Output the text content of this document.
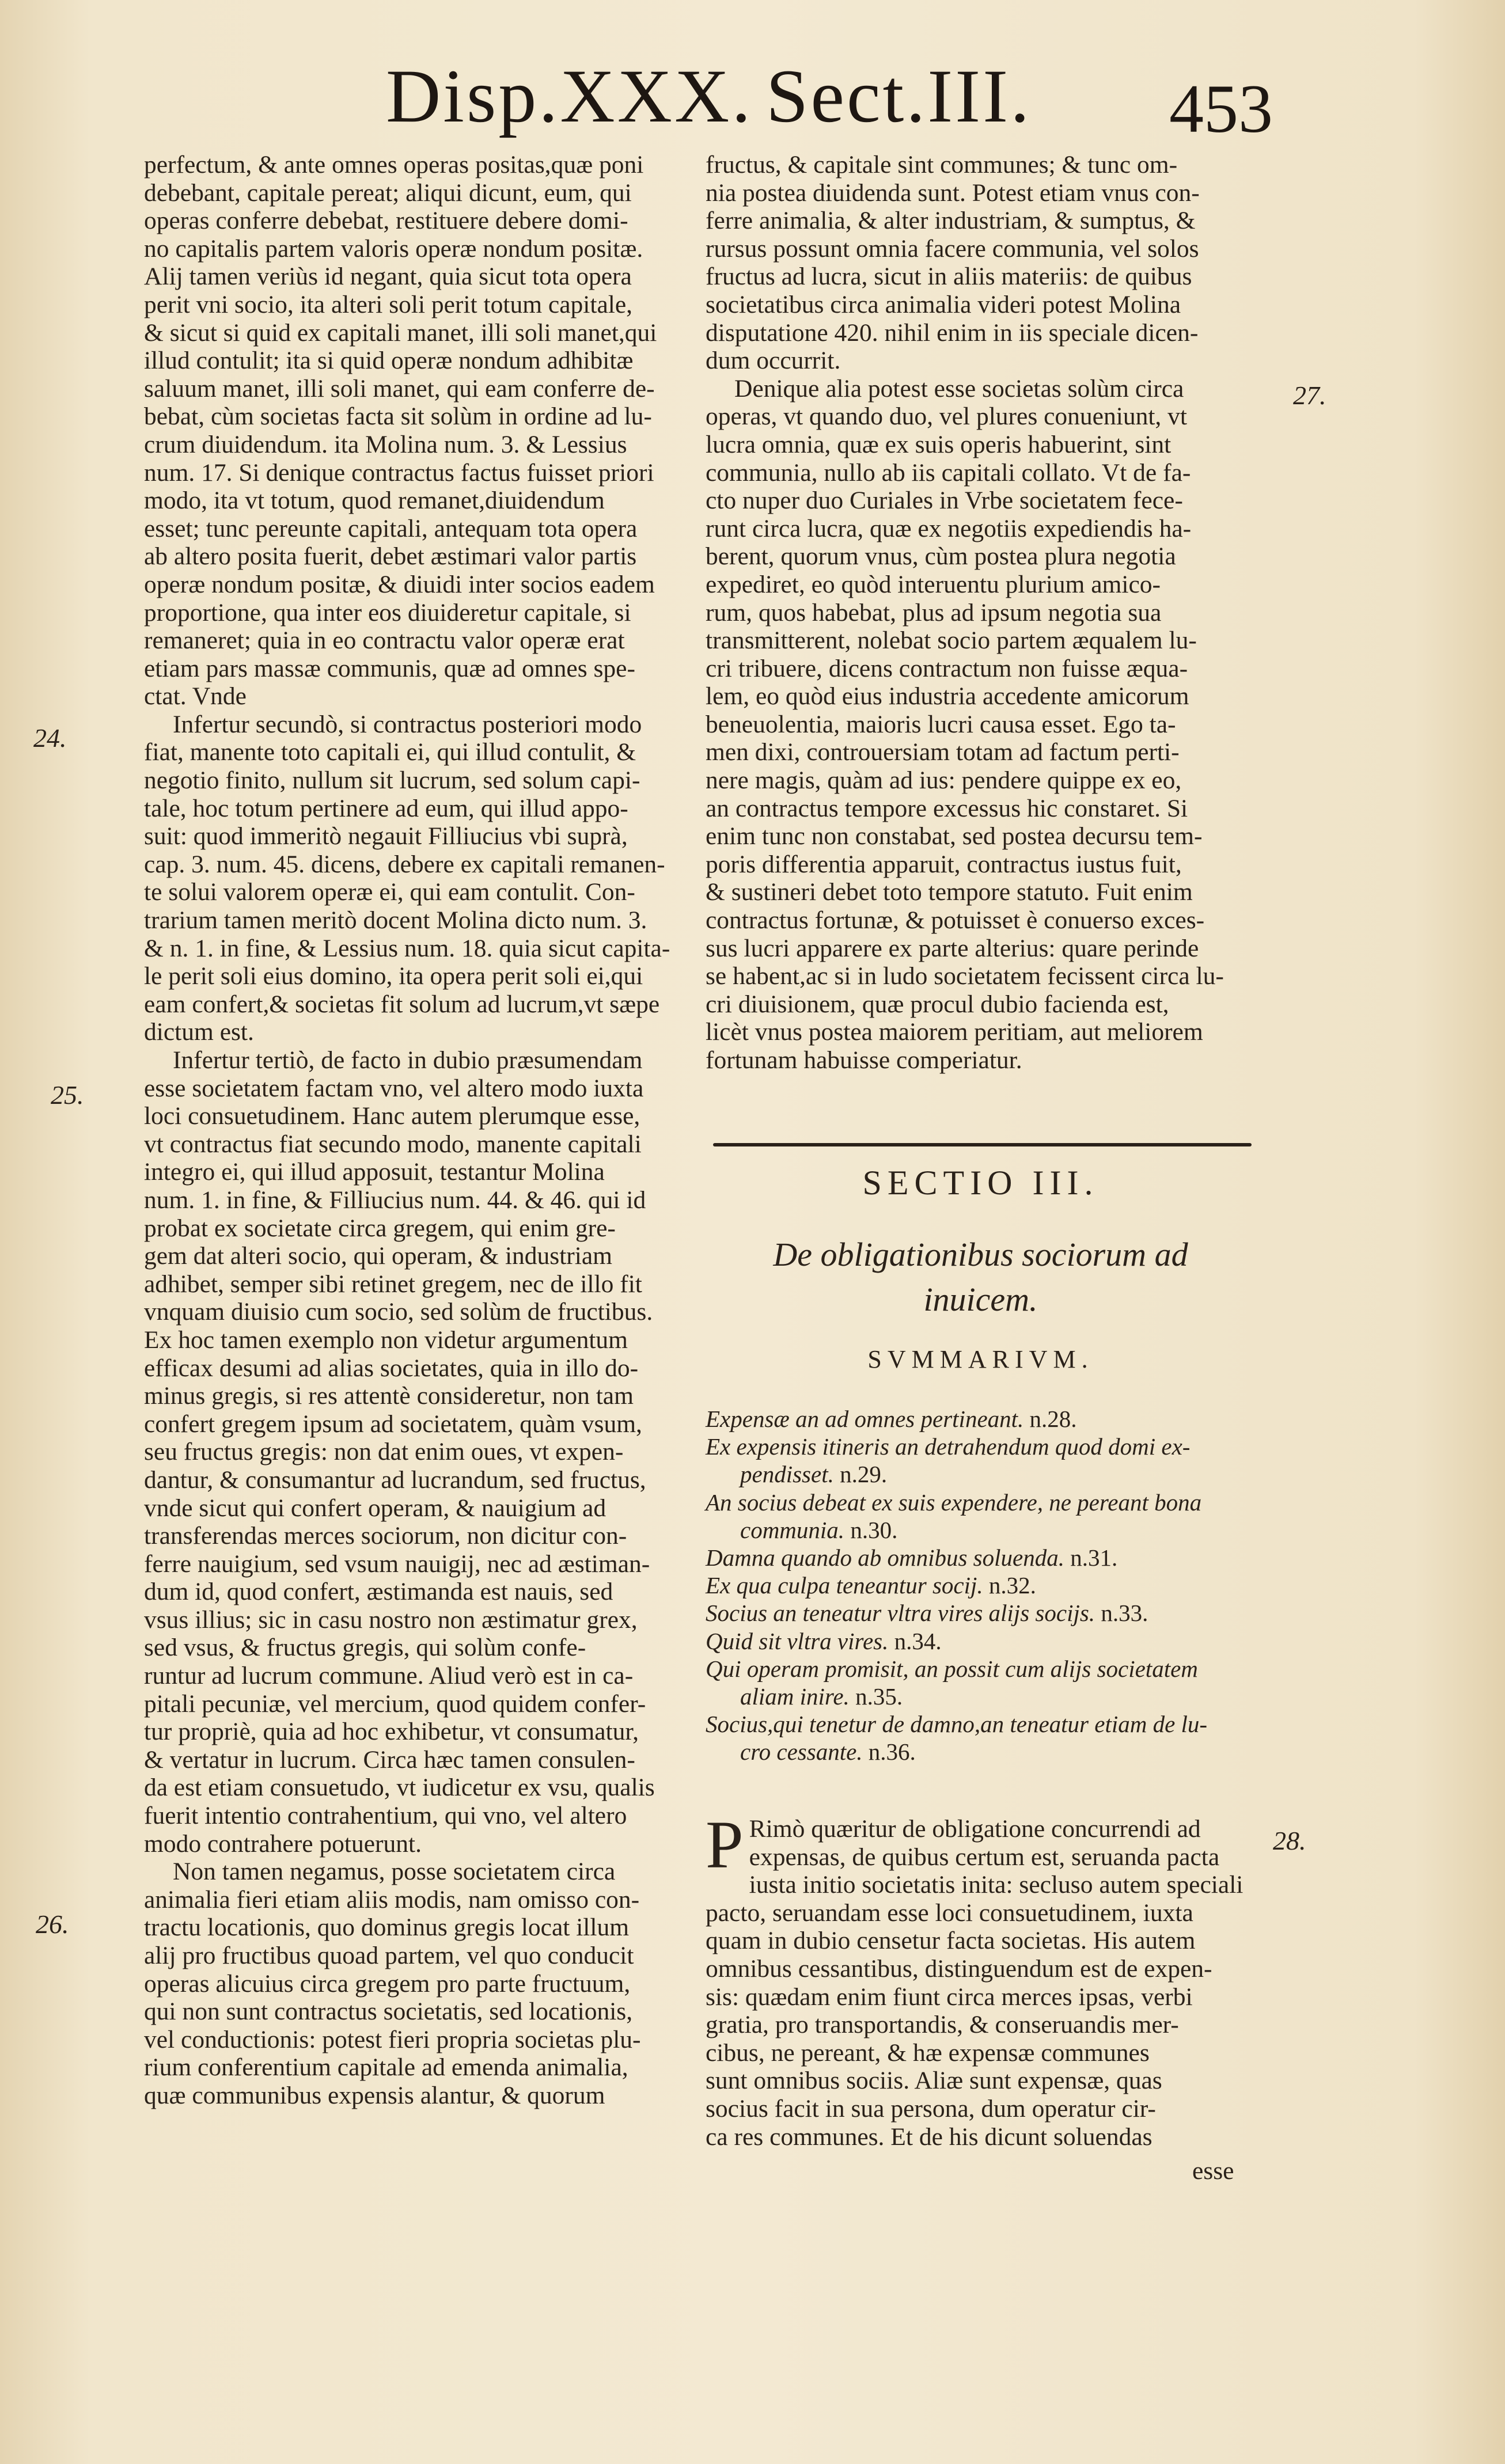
Disp.XXX. Sect.III. 453
perfectum, & ante omnes operas positas,quæ poni
debebant, capitale pereat; aliqui dicunt, eum, qui
operas conferre debebat, restituere debere domi-
no capitalis partem valoris operæ nondum positæ.
Alij tamen veriùs id negant, quia sicut tota opera
perit vni socio, ita alteri soli perit totum capitale,
& sicut si quid ex capitali manet, illi soli manet,qui
illud contulit; ita si quid operæ nondum adhibitæ
saluum manet, illi soli manet, qui eam conferre de-
bebat, cùm societas facta sit solùm in ordine ad lu-
crum diuidendum. ita Molina num. 3. & Lessius
num. 17. Si denique contractus factus fuisset priori
modo, ita vt totum, quod remanet,diuidendum
esset; tunc pereunte capitali, antequam tota opera
ab altero posita fuerit, debet æstimari valor partis
operæ nondum positæ, & diuidi inter socios eadem
proportione, qua inter eos diuideretur capitale, si
remaneret; quia in eo contractu valor operæ erat
etiam pars massæ communis, quæ ad omnes spe-
ctat. Vnde
Infertur secundò, si contractus posteriori modo
fiat, manente toto capitali ei, qui illud contulit, &
negotio finito, nullum sit lucrum, sed solum capi-
tale, hoc totum pertinere ad eum, qui illud appo-
suit: quod immeritò negauit Filliucius vbi suprà,
cap. 3. num. 45. dicens, debere ex capitali remanen-
te solui valorem operæ ei, qui eam contulit. Con-
trarium tamen meritò docent Molina dicto num. 3.
& n. 1. in fine, & Lessius num. 18. quia sicut capita-
le perit soli eius domino, ita opera perit soli ei,qui
eam confert,& societas fit solum ad lucrum,vt sæpe
dictum est.
Infertur tertiò, de facto in dubio præsumendam
esse societatem factam vno, vel altero modo iuxta
loci consuetudinem. Hanc autem plerumque esse,
vt contractus fiat secundo modo, manente capitali
integro ei, qui illud apposuit, testantur Molina
num. 1. in fine, & Filliucius num. 44. & 46. qui id
probat ex societate circa gregem, qui enim gre-
gem dat alteri socio, qui operam, & industriam
adhibet, semper sibi retinet gregem, nec de illo fit
vnquam diuisio cum socio, sed solùm de fructibus.
Ex hoc tamen exemplo non videtur argumentum
efficax desumi ad alias societates, quia in illo do-
minus gregis, si res attentè consideretur, non tam
confert gregem ipsum ad societatem, quàm vsum,
seu fructus gregis: non dat enim oues, vt expen-
dantur, & consumantur ad lucrandum, sed fructus,
vnde sicut qui confert operam, & nauigium ad
transferendas merces sociorum, non dicitur con-
ferre nauigium, sed vsum nauigij, nec ad æstiman-
dum id, quod confert, æstimanda est nauis, sed
vsus illius; sic in casu nostro non æstimatur grex,
sed vsus, & fructus gregis, qui solùm confe-
runtur ad lucrum commune. Aliud verò est in ca-
pitali pecuniæ, vel mercium, quod quidem confer-
tur propriè, quia ad hoc exhibetur, vt consumatur,
& vertatur in lucrum. Circa hæc tamen consulen-
da est etiam consuetudo, vt iudicetur ex vsu, qualis
fuerit intentio contrahentium, qui vno, vel altero
modo contrahere potuerunt.
Non tamen negamus, posse societatem circa
animalia fieri etiam aliis modis, nam omisso con-
tractu locationis, quo dominus gregis locat illum
alij pro fructibus quoad partem, vel quo conducit
operas alicuius circa gregem pro parte fructuum,
qui non sunt contractus societatis, sed locationis,
vel conductionis: potest fieri propria societas plu-
rium conferentium capitale ad emenda animalia,
quæ communibus expensis alantur, & quorum
24.
25.
26.
fructus, & capitale sint communes; & tunc om-
nia postea diuidenda sunt. Potest etiam vnus con-
ferre animalia, & alter industriam, & sumptus, &
rursus possunt omnia facere communia, vel solos
fructus ad lucra, sicut in aliis materiis: de quibus
societatibus circa animalia videri potest Molina
disputatione 420. nihil enim in iis speciale dicen-
dum occurrit.
Denique alia potest esse societas solùm circa
operas, vt quando duo, vel plures conueniunt, vt
lucra omnia, quæ ex suis operis habuerint, sint
communia, nullo ab iis capitali collato. Vt de fa-
cto nuper duo Curiales in Vrbe societatem fece-
runt circa lucra, quæ ex negotiis expediendis ha-
berent, quorum vnus, cùm postea plura negotia
expediret, eo quòd interuentu plurium amico-
rum, quos habebat, plus ad ipsum negotia sua
transmitterent, nolebat socio partem æqualem lu-
cri tribuere, dicens contractum non fuisse æqua-
lem, eo quòd eius industria accedente amicorum
beneuolentia, maioris lucri causa esset. Ego ta-
men dixi, controuersiam totam ad factum perti-
nere magis, quàm ad ius: pendere quippe ex eo,
an contractus tempore excessus hic constaret. Si
enim tunc non constabat, sed postea decursu tem-
poris differentia apparuit, contractus iustus fuit,
& sustineri debet toto tempore statuto. Fuit enim
contractus fortunæ, & potuisset è conuerso exces-
sus lucri apparere ex parte alterius: quare perinde
se habent,ac si in ludo societatem fecissent circa lu-
cri diuisionem, quæ procul dubio facienda est,
licèt vnus postea maiorem peritiam, aut meliorem
fortunam habuisse comperiatur.
27.
28.
SECTIO III.
De obligationibus sociorum ad
inuicem.
SVMMARIVM.
Expensæ an ad omnes pertineant. n.28.
Ex expensis itineris an detrahendum quod domi ex-
pendisset. n.29.
An socius debeat ex suis expendere, ne pereant bona
communia. n.30.
Damna quando ab omnibus soluenda. n.31.
Ex qua culpa teneantur socij. n.32.
Socius an teneatur vltra vires alijs socijs. n.33.
Quid sit vltra vires. n.34.
Qui operam promisit, an possit cum alijs societatem
aliam inire. n.35.
Socius,qui tenetur de damno,an teneatur etiam de lu-
cro cessante. n.36.
P Rimò quæritur de obligatione concurrendi ad
expensas, de quibus certum est, seruanda pacta
iusta initio societatis inita: secluso autem speciali
pacto, seruandam esse loci consuetudinem, iuxta
quam in dubio censetur facta societas. His autem
omnibus cessantibus, distinguendum est de expen-
sis: quædam enim fiunt circa merces ipsas, verbi
gratia, pro transportandis, & conseruandis mer-
cibus, ne pereant, & hæ expensæ communes
sunt omnibus sociis. Aliæ sunt expensæ, quas
socius facit in sua persona, dum operatur cir-
ca res communes. Et de his dicunt soluendas
esse
